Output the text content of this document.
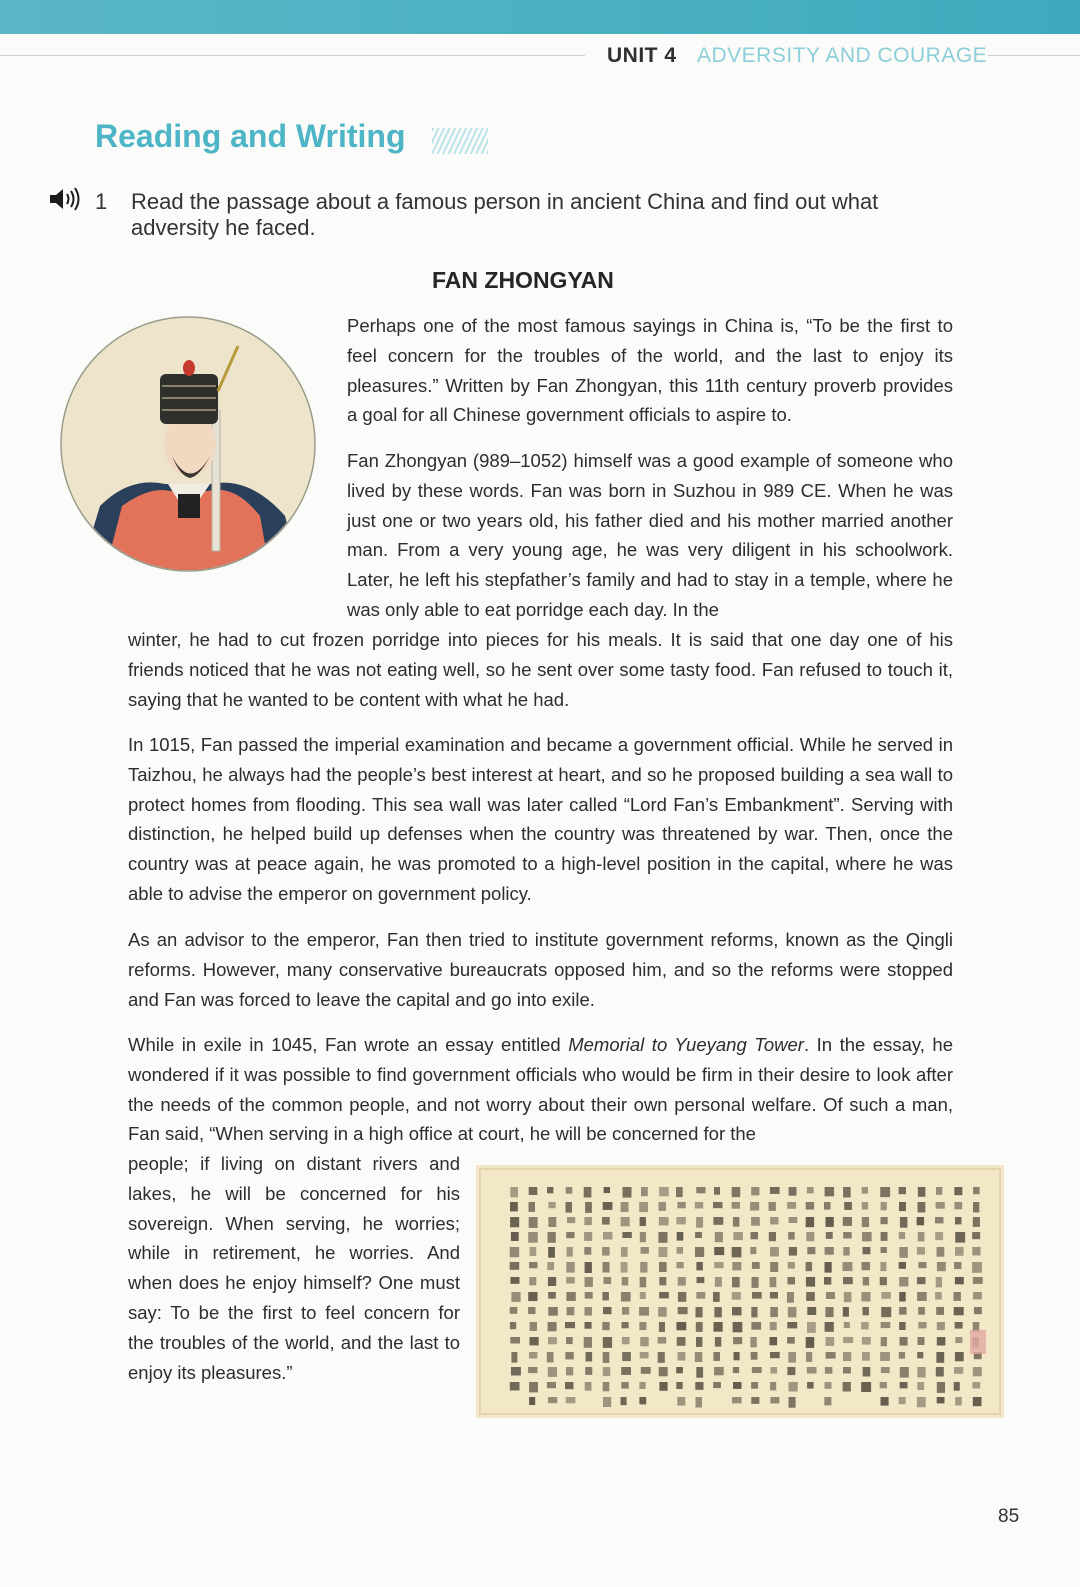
UNIT 4 ADVERSITY AND COURAGE
Reading and Writing
1 Read the passage about a famous person in ancient China and find out what adversity he faced.
FAN ZHONGYAN

Perhaps one of the most famous sayings in China is, “To be the first to feel concern for the troubles of the world, and the last to enjoy its pleasures.” Written by Fan Zhongyan, this 11th century proverb provides a goal for all Chinese government officials to aspire to.

Fan Zhongyan (989–1052) himself was a good example of someone who lived by these words. Fan was born in Suzhou in 989 CE. When he was just one or two years old, his father died and his mother married another man. From a very young age, he was very diligent in his schoolwork. Later, he left his stepfather’s family and had to stay in a temple, where he was only able to eat porridge each day. In the

winter, he had to cut frozen porridge into pieces for his meals. It is said that one day one of his friends noticed that he was not eating well, so he sent over some tasty food. Fan refused to touch it, saying that he wanted to be content with what he had.

In 1015, Fan passed the imperial examination and became a government official. While he served in Taizhou, he always had the people’s best interest at heart, and so he proposed building a sea wall to protect homes from flooding. This sea wall was later called “Lord Fan’s Embankment”. Serving with distinction, he helped build up defenses when the country was threatened by war. Then, once the country was at peace again, he was promoted to a high-level position in the capital, where he was able to advise the emperor on government policy.

As an advisor to the emperor, Fan then tried to institute government reforms, known as the Qingli reforms. However, many conservative bureaucrats opposed him, and so the reforms were stopped and Fan was forced to leave the capital and go into exile.

While in exile in 1045, Fan wrote an essay entitled Memorial to Yueyang Tower. In the essay, he wondered if it was possible to find government officials who would be firm in their desire to look after the needs of the common people, and not worry about their own personal welfare. Of such a man, Fan said, “When serving in a high office at court, he will be concerned for the

people; if living on distant rivers and lakes, he will be concerned for his sovereign. When serving, he worries; while in retirement, he worries. And when does he enjoy himself? One must say: To be the first to feel concern for the troubles of the world, and the last to enjoy its pleasures.”

85
